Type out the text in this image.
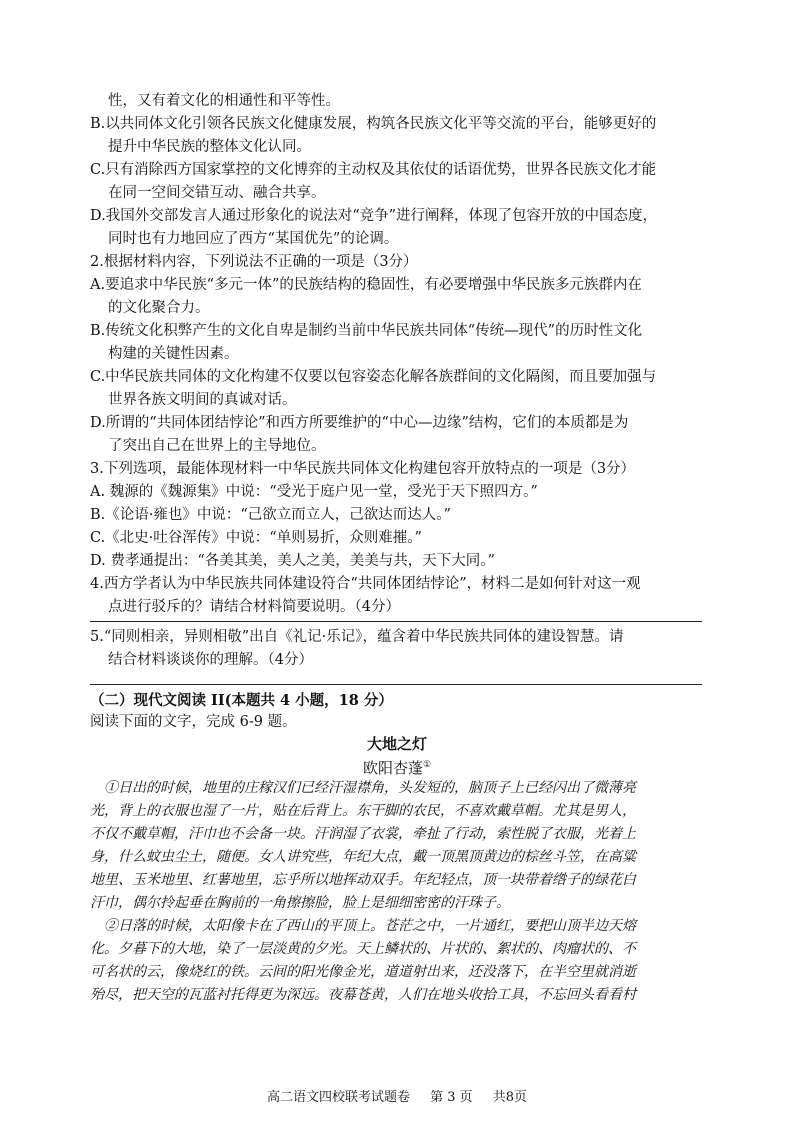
性，又有着文化的相通性和平等性。
B.以共同体文化引领各民族文化健康发展，构筑各民族文化平等交流的平台，能够更好的
提升中华民族的整体文化认同。
C.只有消除西方国家掌控的文化博弈的主动权及其依仗的话语优势，世界各民族文化才能
在同一空间交错互动、融合共享。
D.我国外交部发言人通过形象化的说法对“竞争”进行阐释，体现了包容开放的中国态度，
同时也有力地回应了西方“某国优先”的论调。
2.根据材料内容，下列说法不正确的一项是（3分）
A.要追求中华民族“多元一体”的民族结构的稳固性，有必要增强中华民族多元族群内在
的文化聚合力。
B.传统文化积弊产生的文化自卑是制约当前中华民族共同体“传统—现代”的历时性文化
构建的关键性因素。
C.中华民族共同体的文化构建不仅要以包容姿态化解各族群间的文化隔阂，而且要加强与
世界各族文明间的真诚对话。
D.所谓的“共同体团结悖论”和西方所要维护的“中心—边缘”结构，它们的本质都是为
了突出自己在世界上的主导地位。
3.下列选项，最能体现材料一中华民族共同体文化构建包容开放特点的一项是（3分）
A. 魏源的《魏源集》中说：“受光于庭户见一堂，受光于天下照四方。”
B.《论语·雍也》中说：“己欲立而立人，己欲达而达人。”
C.《北史·吐谷浑传》中说：“单则易折，众则难摧。”
D. 费孝通提出：“各美其美，美人之美，美美与共，天下大同。”
4.西方学者认为中华民族共同体建设符合“共同体团结悖论”，材料二是如何针对这一观
点进行驳斥的？请结合材料简要说明。（4分）
5.“同则相亲，异则相敬”出自《礼记·乐记》，蕴含着中华民族共同体的建设智慧。请
结合材料谈谈你的理解。（4分）
（二）现代文阅读 II(本题共 4 小题，18 分）
阅读下面的文字，完成 6-9 题。
大地之灯
欧阳杏蓬①
①日出的时候，地里的庄稼汉们已经汗湿襟角，头发短的，脑顶子上已经闪出了微薄亮
光，背上的衣服也湿了一片，贴在后背上。东干脚的农民，不喜欢戴草帽。尤其是男人，
不仅不戴草帽，汗巾也不会备一块。汗润湿了衣裳，牵扯了行动，索性脱了衣服，光着上
身，什么蚊虫尘土，随便。女人讲究些，年纪大点，戴一顶黑顶黄边的棕丝斗笠，在高粱
地里、玉米地里、红薯地里，忘乎所以地挥动双手。年纪轻点，顶一块带着绺子的绿花白
汗巾，偶尔拎起垂在胸前的一角擦擦脸，脸上是细细密密的汗珠子。
②日落的时候，太阳像卡在了西山的平顶上。苍茫之中，一片通红，要把山顶半边天熔
化。夕暮下的大地，染了一层淡黄的夕光。天上鳞状的、片状的、絮状的、肉瘤状的、不
可名状的云，像烧红的铁。云间的阳光像金光，道道射出来，还没落下，在半空里就消逝
殆尽，把天空的瓦蓝衬托得更为深远。夜幕苍黄，人们在地头收拾工具，不忘回头看看村
高二语文四校联考试题卷 第 3 页 共8页
